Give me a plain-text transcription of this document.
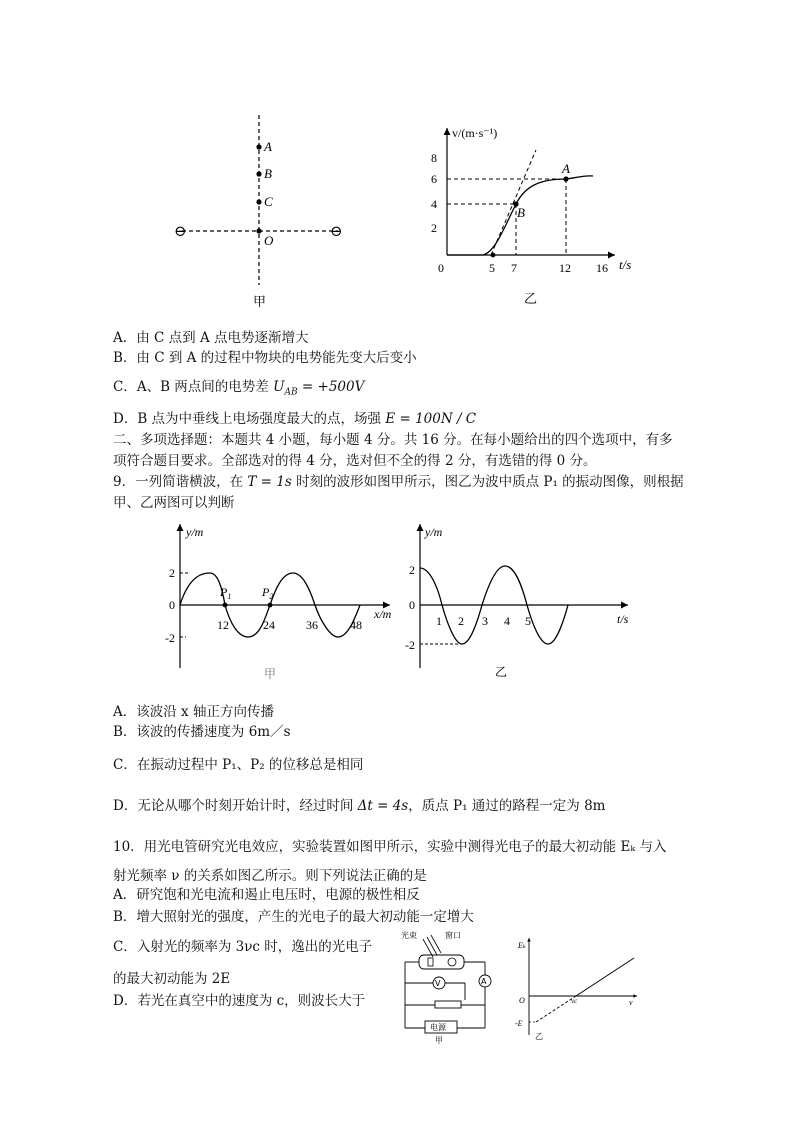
A
B
C
O
⊖	⊖
甲
v/(m·s⁻¹)
t/s
8
6
4
2
0	5 7	12 16
A
B
乙
A．由 C 点到 A 点电势逐渐增大
B．由 C 到 A 的过程中物块的电势能先变大后变小
C．A、B 两点间的电势差 $U_{AB} = +500V$
D．B 点为中垂线上电场强度最大的点，场强 E = 100N / C
二、多项选择题：本题共 4 小题，每小题 4 分。共 16 分。在每小题给出的四个选项中，有多
项符合题目要求。全部选对的得 4 分，选对但不全的得 2 分，有选错的得 0 分。
9．一列简谐横波，在 T = 1s 时刻的波形如图甲所示，图乙为波中质点 P₁ 的振动图像，则根据
甲、乙两图可以判断
y/m
x/m
2
0
-2
$P_1$	$P_2$
12	24	36	48
甲
y/m
t/s
2
0
-2
1 2 3 4 5
乙
A．该波沿 x 轴正方向传播
B．该波的传播速度为 6m／s
C．在振动过程中 P₁、P₂ 的位移总是相同
D．无论从哪个时刻开始计时，经过时间 Δt = 4s，质点 P₁ 通过的路程一定为 8m
10．用光电管研究光电效应，实验装置如图甲所示，实验中测得光电子的最大初动能 Eₖ 与入
射光频率 ν 的关系如图乙所示。则下列说法正确的是
A．研究饱和光电流和遏止电压时，电源的极性相反
B．增大照射光的强度，产生的光电子的最大初动能一定增大
C．入射光的频率为 3νc 时，逸出的光电子
的最大初动能为 2E
D．若光在真空中的速度为 c，则波长大于
光束	窗口
A
V
电源
甲
Eₖ
O
-E
νc	ν
乙
